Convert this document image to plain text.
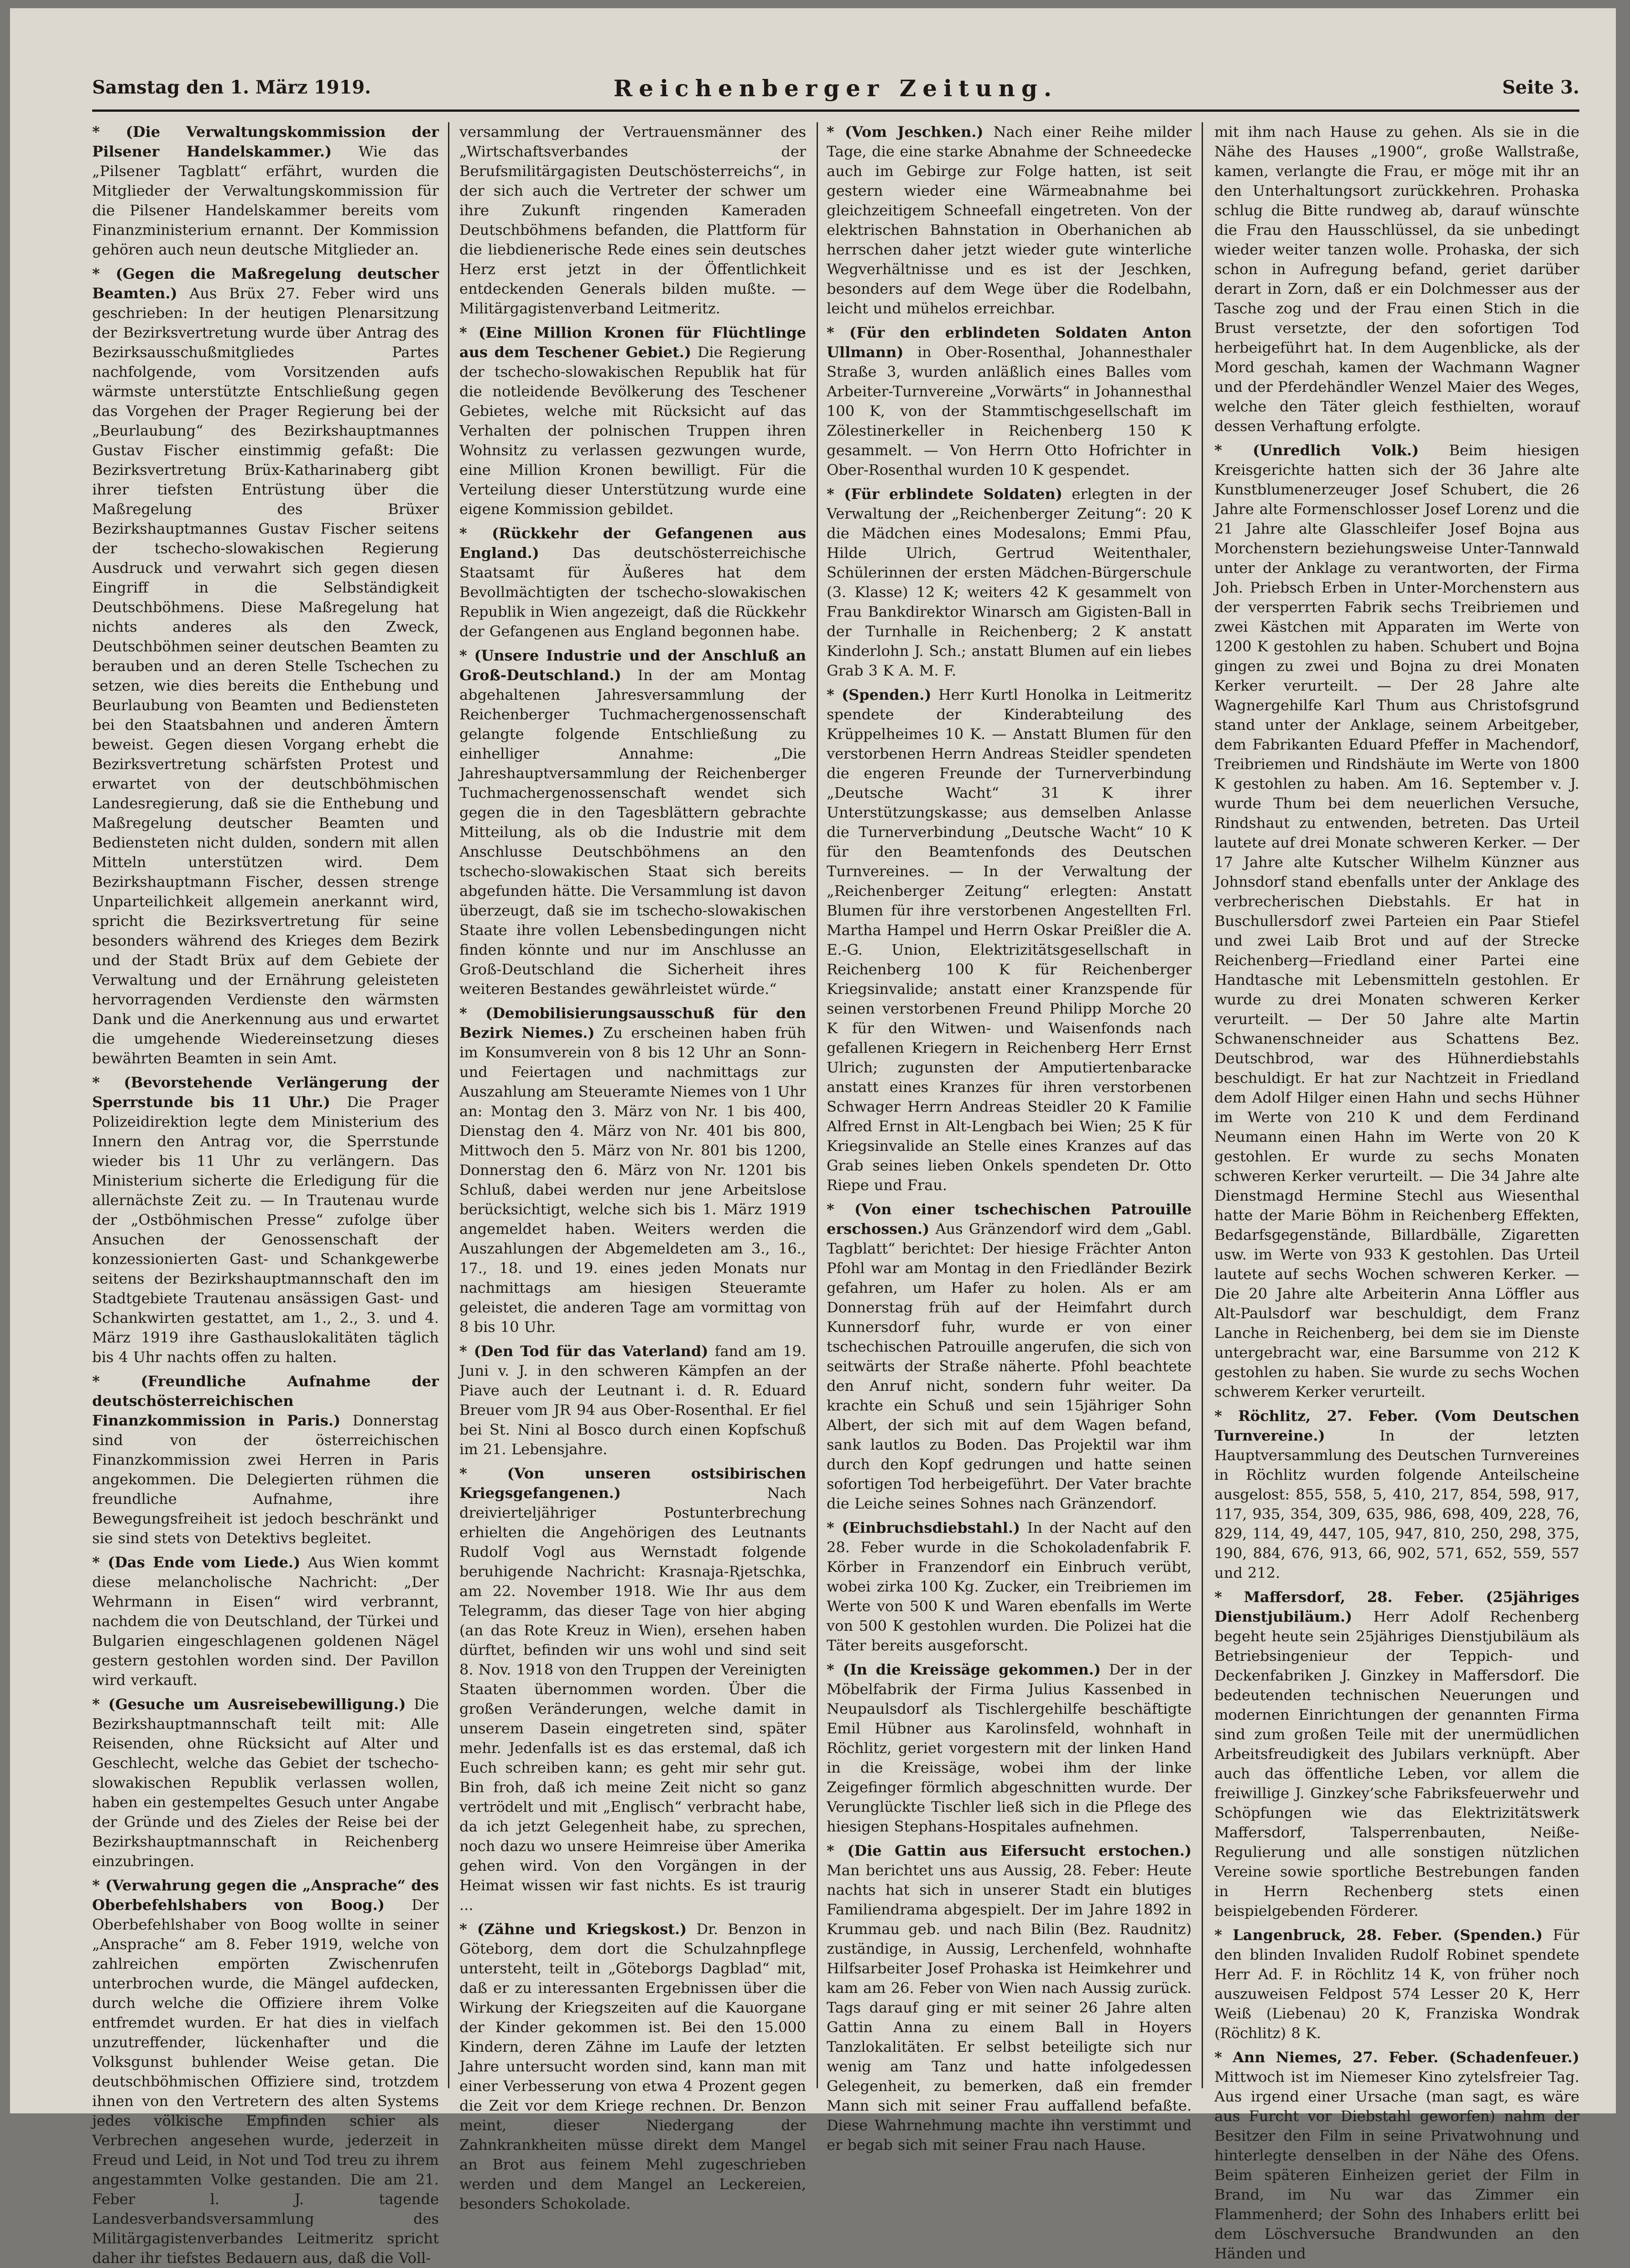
Samstag den 1. März 1919.	Reichenberger Zeitung.	Seite 3.
* (Die Verwaltungskommission der Pilsener Handelskammer.) Wie das „Pilsener Tagblatt“ erfährt, wurden die Mitglieder der Verwaltungskommission für die Pilsener Handelskammer bereits vom Finanzministerium ernannt. Der Kommission gehören auch neun deutsche Mitglieder an.
* (Gegen die Maßregelung deutscher Beamten.) Aus Brüx 27. Feber wird uns geschrieben: In der heutigen Plenarsitzung der Bezirksvertretung wurde über Antrag des Bezirksausschußmitgliedes Partes nachfolgende, vom Vorsitzenden aufs wärmste unterstützte Entschließung gegen das Vorgehen der Prager Regierung bei der „Beurlaubung“ des Bezirkshauptmannes Gustav Fischer einstimmig gefaßt: Die Bezirksvertretung Brüx-Katharinaberg gibt ihrer tiefsten Entrüstung über die Maßregelung des Brüxer Bezirkshauptmannes Gustav Fischer seitens der tschecho-slowakischen Regierung Ausdruck und verwahrt sich gegen diesen Eingriff in die Selbständigkeit Deutschböhmens. Diese Maßregelung hat nichts anderes als den Zweck, Deutschböhmen seiner deutschen Beamten zu berauben und an deren Stelle Tschechen zu setzen, wie dies bereits die Enthebung und Beurlaubung von Beamten und Bediensteten bei den Staatsbahnen und anderen Ämtern beweist. Gegen diesen Vorgang erhebt die Bezirksvertretung schärfsten Protest und erwartet von der deutschböhmischen Landesregierung, daß sie die Enthebung und Maßregelung deutscher Beamten und Bediensteten nicht dulden, sondern mit allen Mitteln unterstützen wird. Dem Bezirkshauptmann Fischer, dessen strenge Unparteilichkeit allgemein anerkannt wird, spricht die Bezirksvertretung für seine besonders während des Krieges dem Bezirk und der Stadt Brüx auf dem Gebiete der Verwaltung und der Ernährung geleisteten hervorragenden Verdienste den wärmsten Dank und die Anerkennung aus und erwartet die umgehende Wiedereinsetzung dieses bewährten Beamten in sein Amt.
* (Bevorstehende Verlängerung der Sperrstunde bis 11 Uhr.) Die Prager Polizeidirektion legte dem Ministerium des Innern den Antrag vor, die Sperrstunde wieder bis 11 Uhr zu verlängern. Das Ministerium sicherte die Erledigung für die allernächste Zeit zu. — In Trautenau wurde der „Ostböhmischen Presse“ zufolge über Ansuchen der Genossenschaft der konzessionierten Gast- und Schankgewerbe seitens der Bezirkshauptmannschaft den im Stadtgebiete Trautenau ansässigen Gast- und Schankwirten gestattet, am 1., 2., 3. und 4. März 1919 ihre Gasthauslokalitäten täglich bis 4 Uhr nachts offen zu halten.
* (Freundliche Aufnahme der deutschösterreichischen Finanzkommission in Paris.) Donnerstag sind von der österreichischen Finanzkommission zwei Herren in Paris angekommen. Die Delegierten rühmen die freundliche Aufnahme, ihre Bewegungsfreiheit ist jedoch beschränkt und sie sind stets von Detektivs begleitet.
* (Das Ende vom Liede.) Aus Wien kommt diese melancholische Nachricht: „Der Wehrmann in Eisen“ wird verbrannt, nachdem die von Deutschland, der Türkei und Bulgarien eingeschlagenen goldenen Nägel gestern gestohlen worden sind. Der Pavillon wird verkauft.
* (Gesuche um Ausreisebewilligung.) Die Bezirkshauptmannschaft teilt mit: Alle Reisenden, ohne Rücksicht auf Alter und Geschlecht, welche das Gebiet der tschecho-slowakischen Republik verlassen wollen, haben ein gestempeltes Gesuch unter Angabe der Gründe und des Zieles der Reise bei der Bezirkshauptmannschaft in Reichenberg einzubringen.
* (Verwahrung gegen die „Ansprache“ des Oberbefehlshabers von Boog.) Der Oberbefehlshaber von Boog wollte in seiner „Ansprache“ am 8. Feber 1919, welche von zahlreichen empörten Zwischenrufen unterbrochen wurde, die Mängel aufdecken, durch welche die Offiziere ihrem Volke entfremdet wurden. Er hat dies in vielfach unzutreffender, lückenhafter und die Volksgunst buhlender Weise getan. Die deutschböhmischen Offiziere sind, trotzdem ihnen von den Vertretern des alten Systems jedes völkische Empfinden schier als Verbrechen angesehen wurde, jederzeit in Freud und Leid, in Not und Tod treu zu ihrem angestammten Volke gestanden. Die am 21. Feber l. J. tagende Landesverbandsversammlung des Militärgagistenverbandes Leitmeritz spricht daher ihr tiefstes Bedauern aus, daß die Voll-
versammlung der Vertrauensmänner des „Wirtschaftsverbandes der Berufsmilitärgagisten Deutschösterreichs“, in der sich auch die Vertreter der schwer um ihre Zukunft ringenden Kameraden Deutschböhmens befanden, die Plattform für die liebdienerische Rede eines sein deutsches Herz erst jetzt in der Öffentlichkeit entdeckenden Generals bilden mußte. — Militärgagistenverband Leitmeritz.
* (Eine Million Kronen für Flüchtlinge aus dem Teschener Gebiet.) Die Regierung der tschecho-slowakischen Republik hat für die notleidende Bevölkerung des Teschener Gebietes, welche mit Rücksicht auf das Verhalten der polnischen Truppen ihren Wohnsitz zu verlassen gezwungen wurde, eine Million Kronen bewilligt. Für die Verteilung dieser Unterstützung wurde eine eigene Kommission gebildet.
* (Rückkehr der Gefangenen aus England.) Das deutschösterreichische Staatsamt für Äußeres hat dem Bevollmächtigten der tschecho-slowakischen Republik in Wien angezeigt, daß die Rückkehr der Gefangenen aus England begonnen habe.
* (Unsere Industrie und der Anschluß an Groß-Deutschland.) In der am Montag abgehaltenen Jahresversammlung der Reichenberger Tuchmachergenossenschaft gelangte folgende Entschließung zu einhelliger Annahme: „Die Jahreshauptversammlung der Reichenberger Tuchmachergenossenschaft wendet sich gegen die in den Tagesblättern gebrachte Mitteilung, als ob die Industrie mit dem Anschlusse Deutschböhmens an den tschecho-slowakischen Staat sich bereits abgefunden hätte. Die Versammlung ist davon überzeugt, daß sie im tschecho-slowakischen Staate ihre vollen Lebensbedingungen nicht finden könnte und nur im Anschlusse an Groß-Deutschland die Sicherheit ihres weiteren Bestandes gewährleistet würde.“
* (Demobilisierungsausschuß für den Bezirk Niemes.) Zu erscheinen haben früh im Konsumverein von 8 bis 12 Uhr an Sonn- und Feiertagen und nachmittags zur Auszahlung am Steueramte Niemes von 1 Uhr an: Montag den 3. März von Nr. 1 bis 400, Dienstag den 4. März von Nr. 401 bis 800, Mittwoch den 5. März von Nr. 801 bis 1200, Donnerstag den 6. März von Nr. 1201 bis Schluß, dabei werden nur jene Arbeitslose berücksichtigt, welche sich bis 1. März 1919 angemeldet haben. Weiters werden die Auszahlungen der Abgemeldeten am 3., 16., 17., 18. und 19. eines jeden Monats nur nachmittags am hiesigen Steueramte geleistet, die anderen Tage am vormittag von 8 bis 10 Uhr.
* (Den Tod für das Vaterland) fand am 19. Juni v. J. in den schweren Kämpfen an der Piave auch der Leutnant i. d. R. Eduard Breuer vom JR 94 aus Ober-Rosenthal. Er fiel bei St. Nini al Bosco durch einen Kopfschuß im 21. Lebensjahre.
* (Von unseren ostsibirischen Kriegsgefangenen.)	Nach dreivierteljähriger Postunterbrechung erhielten die Angehörigen des Leutnants Rudolf Vogl aus Wernstadt folgende beruhigende Nachricht: Krasnaja-Rjetschka, am 22. November 1918. Wie Ihr aus dem Telegramm, das dieser Tage von hier abging (an das Rote Kreuz in Wien), ersehen haben dürftet, befinden wir uns wohl und sind seit 8. Nov. 1918 von den Truppen der Vereinigten Staaten übernommen worden. Über die großen Veränderungen, welche damit in unserem Dasein eingetreten sind, später mehr. Jedenfalls ist es das erstemal, daß ich Euch schreiben kann; es geht mir sehr gut. Bin froh, daß ich meine Zeit nicht so ganz vertrödelt und mit „Englisch“ verbracht habe, da ich jetzt Gelegenheit habe, zu sprechen, noch dazu wo unsere Heimreise über Amerika gehen wird. Von den Vorgängen in der Heimat wissen wir fast nichts. Es ist traurig ...
* (Zähne und Kriegskost.) Dr. Benzon in Göteborg, dem dort die Schulzahnpflege untersteht, teilt in „Göteborgs Dagblad“ mit, daß er zu interessanten Ergebnissen über die Wirkung der Kriegszeiten auf die Kauorgane der Kinder gekommen ist. Bei den 15.000 Kindern, deren Zähne im Laufe der letzten Jahre untersucht worden sind, kann man mit einer Verbesserung von etwa 4 Prozent gegen die Zeit vor dem Kriege rechnen. Dr. Benzon meint, dieser Niedergang der Zahnkrankheiten müsse direkt dem Mangel an Brot aus feinem Mehl zugeschrieben werden und dem Mangel an Leckereien, besonders Schokolade.
* (Vom Jeschken.) Nach einer Reihe milder Tage, die eine starke Abnahme der Schneedecke auch im Gebirge zur Folge hatten, ist seit gestern wieder eine Wärmeabnahme bei gleichzeitigem Schneefall eingetreten. Von der elektrischen Bahnstation in Oberhanichen ab herrschen daher jetzt wieder gute winterliche Wegverhältnisse und es ist der Jeschken, besonders auf dem Wege über die Rodelbahn, leicht und mühelos erreichbar.
* (Für den erblindeten Soldaten Anton Ullmann) in Ober-Rosenthal, Johannesthaler Straße 3, wurden anläßlich eines Balles vom Arbeiter-Turnvereine „Vorwärts“ in Johannesthal 100 K, von der Stammtischgesellschaft im Zölestinerkeller in Reichenberg 150 K gesammelt. — Von Herrn Otto Hofrichter in Ober-Rosenthal wurden 10 K gespendet.
* (Für erblindete Soldaten) erlegten in der Verwaltung der „Reichenberger Zeitung“: 20 K die Mädchen eines Modesalons; Emmi Pfau, Hilde Ulrich, Gertrud Weitenthaler, Schülerinnen der ersten Mädchen-Bürgerschule (3. Klasse) 12 K; weiters 42 K gesammelt von Frau Bankdirektor Winarsch am Gigisten-Ball in der Turnhalle in Reichenberg; 2 K anstatt Kinderlohn J. Sch.; anstatt Blumen auf ein liebes Grab 3 K A. M. F.
* (Spenden.) Herr Kurtl Honolka in Leitmeritz spendete der Kinderabteilung des Krüppelheimes 10 K. — Anstatt Blumen für den verstorbenen Herrn Andreas Steidler spendeten die engeren Freunde der Turnerverbindung „Deutsche Wacht“ 31 K ihrer Unterstützungskasse; aus demselben Anlasse die Turnerverbindung „Deutsche Wacht“ 10 K für den Beamtenfonds des Deutschen Turnvereines. — In der Verwaltung der „Reichenberger Zeitung“ erlegten: Anstatt Blumen für ihre verstorbenen Angestellten Frl. Martha Hampel und Herrn Oskar Preißler die A. E.-G. Union, Elektrizitätsgesellschaft in Reichenberg 100 K für Reichenberger Kriegsinvalide; anstatt einer Kranzspende für seinen verstorbenen Freund Philipp Morche 20 K für den Witwen- und Waisenfonds nach gefallenen Kriegern in Reichenberg Herr Ernst Ulrich; zugunsten der Amputiertenbaracke anstatt eines Kranzes für ihren verstorbenen Schwager Herrn Andreas Steidler 20 K Familie Alfred Ernst in Alt-Lengbach bei Wien; 25 K für Kriegsinvalide an Stelle eines Kranzes auf das Grab seines lieben Onkels spendeten Dr. Otto Riepe und Frau.
* (Von einer tschechischen Patrouille erschossen.) Aus Gränzendorf wird dem „Gabl. Tagblatt“ berichtet: Der hiesige Frächter Anton Pfohl war am Montag in den Friedländer Bezirk gefahren, um Hafer zu holen. Als er am Donnerstag früh auf der Heimfahrt durch Kunnersdorf fuhr, wurde er von einer tschechischen Patrouille angerufen, die sich von seitwärts der Straße näherte. Pfohl beachtete den Anruf nicht, sondern fuhr weiter. Da krachte ein Schuß und sein 15jähriger Sohn Albert, der sich mit auf dem Wagen befand, sank lautlos zu Boden. Das Projektil war ihm durch den Kopf gedrungen und hatte seinen sofortigen Tod herbeigeführt. Der Vater brachte die Leiche seines Sohnes nach Gränzendorf.
* (Einbruchsdiebstahl.) In der Nacht auf den 28. Feber wurde in die Schokoladenfabrik F. Körber in Franzendorf ein Einbruch verübt, wobei zirka 100 Kg. Zucker, ein Treibriemen im Werte von 500 K und Waren ebenfalls im Werte von 500 K gestohlen wurden. Die Polizei hat die Täter bereits ausgeforscht.
* (In die Kreissäge gekommen.) Der in der Möbelfabrik der Firma Julius Kassenbed in Neupaulsdorf als Tischlergehilfe beschäftigte Emil Hübner aus Karolinsfeld, wohnhaft in Röchlitz, geriet vorgestern mit der linken Hand in die Kreissäge, wobei ihm der linke Zeigefinger förmlich abgeschnitten wurde. Der Verunglückte Tischler ließ sich in die Pflege des hiesigen Stephans-Hospitales aufnehmen.
* (Die Gattin aus Eifersucht erstochen.) Man berichtet uns aus Aussig, 28. Feber: Heute nachts hat sich in unserer Stadt ein blutiges Familiendrama abgespielt. Der im Jahre 1892 in Krummau geb. und nach Bilin (Bez. Raudnitz) zuständige, in Aussig, Lerchenfeld, wohnhafte Hilfsarbeiter Josef Prohaska ist Heimkehrer und kam am 26. Feber von Wien nach Aussig zurück. Tags darauf ging er mit seiner 26 Jahre alten Gattin Anna zu einem Ball in Hoyers Tanzlokalitäten. Er selbst beteiligte sich nur wenig am Tanz und hatte infolgedessen Gelegenheit, zu bemerken, daß ein fremder Mann sich mit seiner Frau auffallend befaßte. Diese Wahrnehmung machte ihn verstimmt und er begab sich mit seiner Frau nach Hause.
mit ihm nach Hause zu gehen. Als sie in die Nähe des Hauses „1900“, große Wallstraße, kamen, verlangte die Frau, er möge mit ihr an den Unterhaltungsort zurückkehren. Prohaska schlug die Bitte rundweg ab, darauf wünschte die Frau den Hausschlüssel, da sie unbedingt wieder weiter tanzen wolle. Prohaska, der sich schon in Aufregung befand, geriet darüber derart in Zorn, daß er ein Dolchmesser aus der Tasche zog und der Frau einen Stich in die Brust versetzte, der den sofortigen Tod herbeigeführt hat. In dem Augenblicke, als der Mord geschah, kamen der Wachmann Wagner und der Pferdehändler Wenzel Maier des Weges, welche den Täter gleich festhielten, worauf dessen Verhaftung erfolgte.
* (Unredlich Volk.) Beim hiesigen Kreisgerichte hatten sich der 36 Jahre alte Kunstblumenerzeuger Josef Schubert, die 26 Jahre alte Formenschlosser Josef Lorenz und die 21 Jahre alte Glasschleifer Josef Bojna aus Morchenstern beziehungsweise Unter-Tannwald unter der Anklage zu verantworten, der Firma Joh. Priebsch Erben in Unter-Morchenstern aus der versperrten Fabrik sechs Treibriemen und zwei Kästchen mit Apparaten im Werte von 1200 K gestohlen zu haben. Schubert und Bojna gingen zu zwei und Bojna zu drei Monaten Kerker verurteilt. — Der 28 Jahre alte Wagnergehilfe Karl Thum aus Christofsgrund stand unter der Anklage, seinem Arbeitgeber, dem Fabrikanten Eduard Pfeffer in Machendorf, Treibriemen und Rindshäute im Werte von 1800 K gestohlen zu haben. Am 16. September v. J. wurde Thum bei dem neuerlichen Versuche, Rindshaut zu entwenden, betreten. Das Urteil lautete auf drei Monate schweren Kerker. — Der 17 Jahre alte Kutscher Wilhelm Künzner aus Johnsdorf stand ebenfalls unter der Anklage des verbrecherischen Diebstahls. Er hat in Buschullersdorf zwei Parteien ein Paar Stiefel und zwei Laib Brot und auf der Strecke Reichenberg—Friedland einer Partei eine Handtasche mit Lebensmitteln gestohlen. Er wurde zu drei Monaten schweren Kerker verurteilt. — Der 50 Jahre alte Martin Schwanenschneider aus Schattens Bez. Deutschbrod, war des Hühnerdiebstahls beschuldigt. Er hat zur Nachtzeit in Friedland dem Adolf Hilger einen Hahn und sechs Hühner im Werte von 210 K und dem Ferdinand Neumann einen Hahn im Werte von 20 K gestohlen. Er wurde zu sechs Monaten schweren Kerker verurteilt. — Die 34 Jahre alte Dienstmagd Hermine Stechl aus Wiesenthal hatte der Marie Böhm in Reichenberg Effekten, Bedarfsgegenstände, Billardbälle, Zigaretten usw. im Werte von 933 K gestohlen. Das Urteil lautete auf sechs Wochen schweren Kerker. — Die 20 Jahre alte Arbeiterin Anna Löffler aus Alt-Paulsdorf war beschuldigt, dem Franz Lanche in Reichenberg, bei dem sie im Dienste untergebracht war, eine Barsumme von 212 K gestohlen zu haben. Sie wurde zu sechs Wochen schwerem Kerker verurteilt.
* Röchlitz, 27. Feber. (Vom Deutschen Turnvereine.)	In der letzten Hauptversammlung des Deutschen Turnvereines in Röchlitz wurden folgende Anteilscheine ausgelost: 855, 558, 5, 410, 217, 854, 598, 917, 117, 935, 354, 309, 635, 986, 698, 409, 228, 76, 829, 114, 49, 447, 105, 947, 810, 250, 298, 375, 190, 884, 676, 913, 66, 902, 571, 652, 559, 557 und 212.
* Maffersdorf, 28. Feber. (25jähriges Dienstjubiläum.) Herr Adolf Rechenberg begeht heute sein 25jähriges Dienstjubiläum als Betriebsingenieur der Teppich- und Deckenfabriken J. Ginzkey in Maffersdorf. Die bedeutenden technischen Neuerungen und modernen Einrichtungen der genannten Firma sind zum großen Teile mit der unermüdlichen Arbeitsfreudigkeit des Jubilars verknüpft. Aber auch das öffentliche Leben, vor allem die freiwillige J. Ginzkey’sche Fabriksfeuerwehr und Schöpfungen wie das Elektrizitätswerk Maffersdorf, Talsperrenbauten, Neiße-Regulierung und alle sonstigen nützlichen Vereine sowie sportliche Bestrebungen fanden in Herrn Rechenberg stets einen beispielgebenden Förderer.
* Langenbruck, 28. Feber. (Spenden.) Für den blinden Invaliden Rudolf Robinet spendete Herr Ad. F. in Röchlitz 14 K, von früher noch auszuweisen Feldpost 574 Lesser 20 K, Herr Weiß (Liebenau) 20 K, Franziska Wondrak (Röchlitz) 8 K.
* Ann Niemes, 27. Feber. (Schadenfeuer.) Mittwoch ist im Niemeser Kino zytelsfreier Tag. Aus irgend einer Ursache (man sagt, es wäre aus Furcht vor Diebstahl geworfen) nahm der Besitzer den Film in seine Privatwohnung und hinterlegte denselben in der Nähe des Ofens. Beim späteren Einheizen geriet der Film in Brand, im Nu war das Zimmer ein Flammenherd; der Sohn des Inhabers erlitt bei dem Löschversuche Brandwunden an den Händen und
